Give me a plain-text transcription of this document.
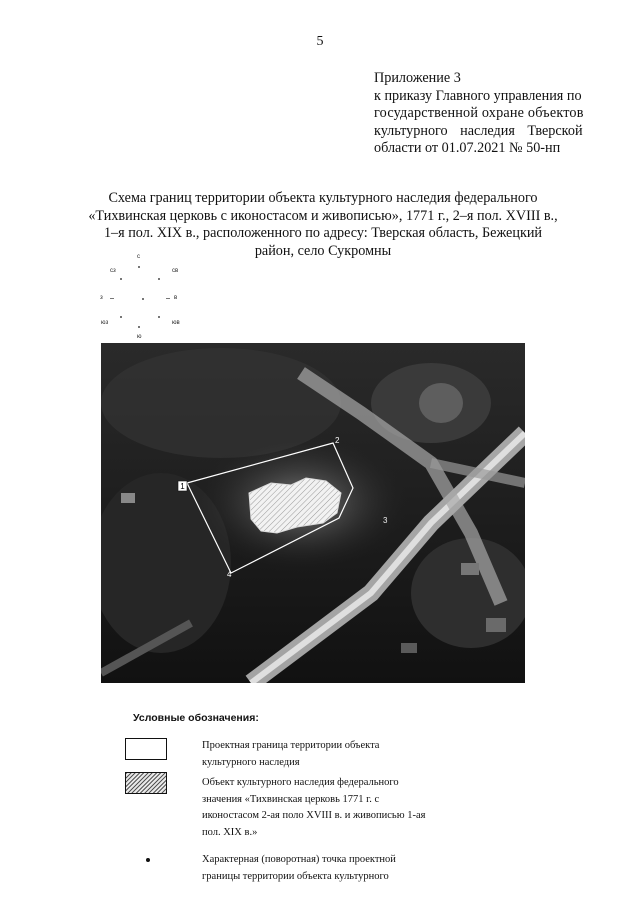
5
Приложение 3
к приказу Главного управления по
государственной охране объектов
культурного наследия Тверской
области от 01.07.2021 № 50-нп
Схема границ территории объекта культурного наследия федерального
«Тихвинская церковь с иконостасом и живописью», 1771 г., 2–я пол. XVIII в.,
1–я пол. XIX в., расположенного по адресу: Тверская область, Бежецкий
район, село Сукромны
с
св
в
юв
ю
юз
з
сз
1
2
3
4
Условные обозначения:
Проектная граница территории объекта
культурного наследия
Объект культурного наследия федерального
значения «Тихвинская церковь 1771 г. с
иконостасом 2-ая поло XVIII в. и живописью 1-ая
пол. XIX в.»
Характерная (поворотная) точка проектной
границы территории объекта культурного
